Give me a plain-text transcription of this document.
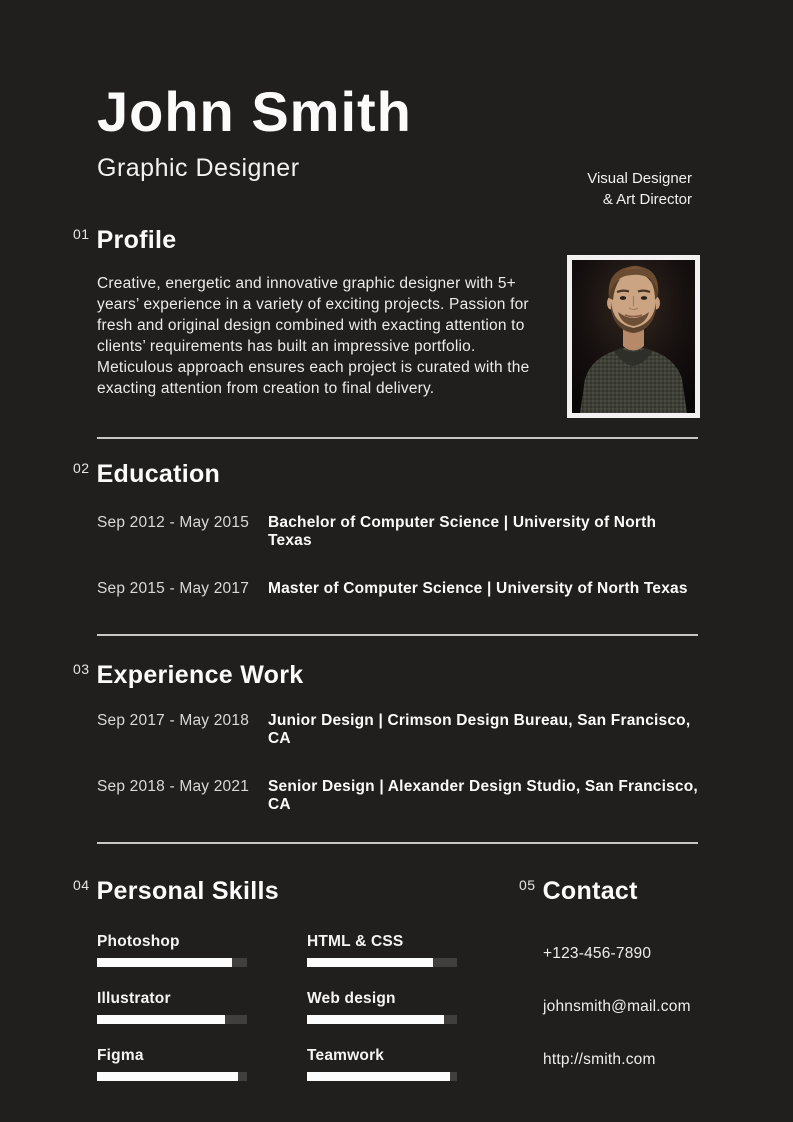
John Smith
Graphic Designer	Visual Designer
& Art Director
$^{01}$ Profile

Creative, energetic and innovative graphic designer with 5+ years’ experience in a variety of exciting projects. Passion for fresh and original design combined with exacting attention to clients’ requirements has built an impressive portfolio. Meticulous approach ensures each project is curated with the exacting attention from creation to final delivery.

$^{02}$ Education
Sep 2012 - May 2015	Bachelor of Computer Science | University of North Texas
Sep 2015 - May 2017	Master of Computer Science | University of North Texas
$^{03}$ Experience Work
Sep 2017 - May 2018	Junior Design | Crimson Design Bureau, San Francisco, CA
Sep 2018 - May 2021	Senior Design | Alexander Design Studio, San Francisco, CA
$^{04}$ Personal Skills
Photoshop
Illustrator
Figma
HTML & CSS
Web design
Teamwork
$^{05}$ Contact
+123-456-7890
johnsmith@mail.com
http://smith.com
